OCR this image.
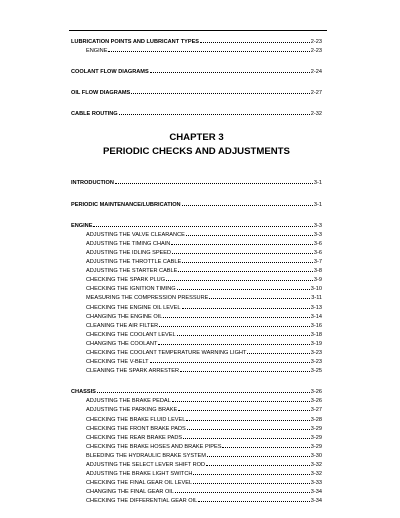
LUBRICATION POINTS AND LUBRICANT TYPES	2-23
ENGINE	2-23
COOLANT FLOW DIAGRAMS	2-24
OIL FLOW DIAGRAMS	2-27
CABLE ROUTING	2-32
CHAPTER 3
PERIODIC CHECKS AND ADJUSTMENTS
INTRODUCTION	3-1
PERIODIC MAINTENANCE/LUBRICATION	3-1
ENGINE	3-3
ADJUSTING THE VALVE CLEARANCE	3-3
ADJUSTING THE TIMING CHAIN	3-6
ADJUSTING THE IDLING SPEED	3-6
ADJUSTING THE THROTTLE CABLE	3-7
ADJUSTING THE STARTER CABLE	3-8
CHECKING THE SPARK PLUG	3-9
CHECKING THE IGNITION TIMING	3-10
MEASURING THE COMPRESSION PRESSURE	3-11
CHECKING THE ENGINE OIL LEVEL	3-13
CHANGING THE ENGINE OIL	3-14
CLEANING THE AIR FILTER	3-16
CHECKING THE COOLANT LEVEL	3-18
CHANGING THE COOLANT	3-19
CHECKING THE COOLANT TEMPERATURE WARNING LIGHT	3-23
CHECKING THE V-BELT	3-23
CLEANING THE SPARK ARRESTER	3-25
CHASSIS	3-26
ADJUSTING THE BRAKE PEDAL	3-26
ADJUSTING THE PARKING BRAKE	3-27
CHECKING THE BRAKE FLUID LEVEL	3-28
CHECKING THE FRONT BRAKE PADS	3-29
CHECKING THE REAR BRAKE PADS	3-29
CHECKING THE BRAKE HOSES AND BRAKE PIPES	3-29
BLEEDING THE HYDRAULIC BRAKE SYSTEM	3-30
ADJUSTING THE SELECT LEVER SHIFT ROD	3-32
ADJUSTING THE BRAKE LIGHT SWITCH	3-32
CHECKING THE FINAL GEAR OIL LEVEL	3-33
CHANGING THE FINAL GEAR OIL	3-34
CHECKING THE DIFFERENTIAL GEAR OIL	3-34
